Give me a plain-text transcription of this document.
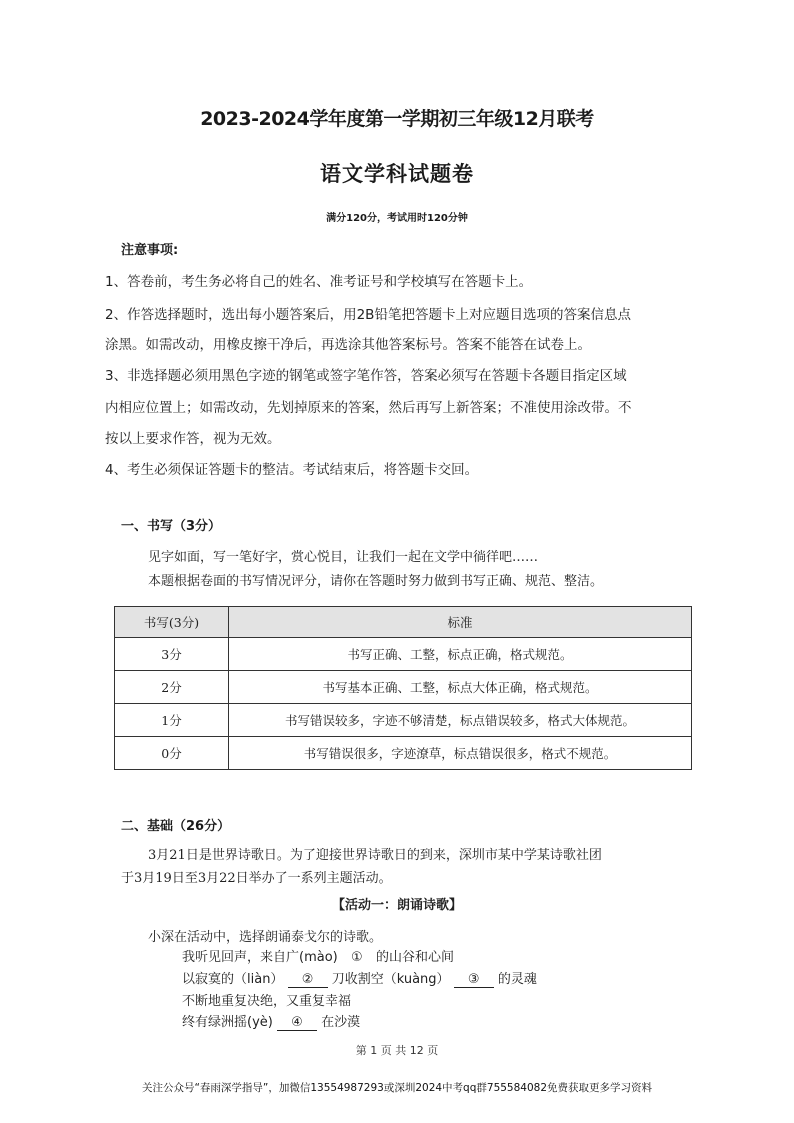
2023-2024学年度第一学期初三年级12月联考
语文学科试题卷
满分120分，考试用时120分钟
注意事项:
1、答卷前，考生务必将自己的姓名、准考证号和学校填写在答题卡上。
2、作答选择题时，选出每小题答案后，用2B铅笔把答题卡上对应题目选项的答案信息点
涂黑。如需改动，用橡皮擦干净后，再选涂其他答案标号。答案不能答在试卷上。
3、非选择题必须用黑色字迹的钢笔或签字笔作答，答案必须写在答题卡各题目指定区域
内相应位置上；如需改动，先划掉原来的答案，然后再写上新答案；不准使用涂改带。不
按以上要求作答，视为无效。
4、考生必须保证答题卡的整洁。考试结束后，将答题卡交回。
一、书写（3分）
见字如面，写一笔好字，赏心悦目，让我们一起在文学中徜徉吧……
本题根据卷面的书写情况评分，请你在答题时努力做到书写正确、规范、整洁。
书写(3分)	标准
3分	书写正确、工整，标点正确，格式规范。
2分	书写基本正确、工整，标点大体正确，格式规范。
1分	书写错误较多，字迹不够清楚，标点错误较多，格式大体规范。
0分	书写错误很多，字迹潦草，标点错误很多，格式不规范。
二、基础（26分）
3月21日是世界诗歌日。为了迎接世界诗歌日的到来，深圳市某中学某诗歌社团
于3月19日至3月22日举办了一系列主题活动。
【活动一：朗诵诗歌】
小深在活动中，选择朗诵泰戈尔的诗歌。
我听见回声，来自广(mào) ① 的山谷和心间
以寂寞的（liàn） ② 刀收割空（kuàng） ③ 的灵魂
不断地重复决绝，又重复幸福
终有绿洲摇(yè) ④ 在沙漠
第 1 页 共 12 页
关注公众号“春雨深学指导”，加微信13554987293或深圳2024中考qq群755584082免费获取更多学习资料
